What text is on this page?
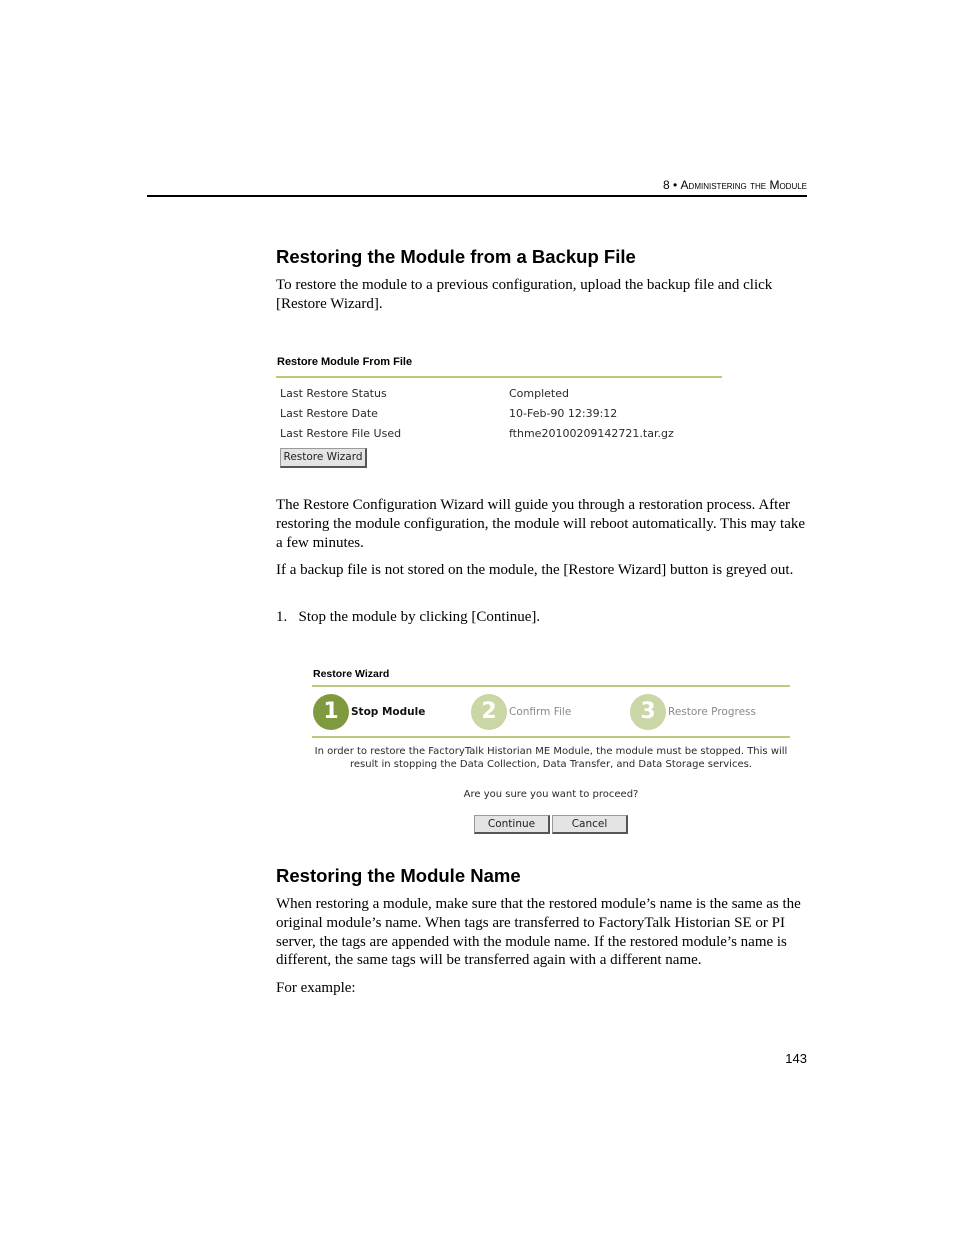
8 • Administering the Module
Restoring the Module from a Backup File

To restore the module to a previous configuration, upload the backup file and click [Restore Wizard].

Restore Module From File
Last Restore Status	Completed
Last Restore Date	10-Feb-90 12:39:12
Last Restore File Used	fthme20100209142721.tar.gz
Restore Wizard

The Restore Configuration Wizard will guide you through a restoration process. After restoring the module configuration, the module will reboot automatically. This may take a few minutes.

If a backup file is not stored on the module, the [Restore Wizard] button is greyed out.

1. Stop the module by clicking [Continue].
Restore Wizard
1	Stop Module	2	Confirm File	3	Restore Progress
In order to restore the FactoryTalk Historian ME Module, the module must be stopped. This will
result in stopping the Data Collection, Data Transfer, and Data Storage services.
Are you sure you want to proceed?
Continue	Cancel
Restoring the Module Name

When restoring a module, make sure that the restored module’s name is the same as the original module’s name. When tags are transferred to FactoryTalk Historian SE or PI server, the tags are appended with the module name. If the restored module’s name is different, the same tags will be transferred again with a different name.

For example:

143
